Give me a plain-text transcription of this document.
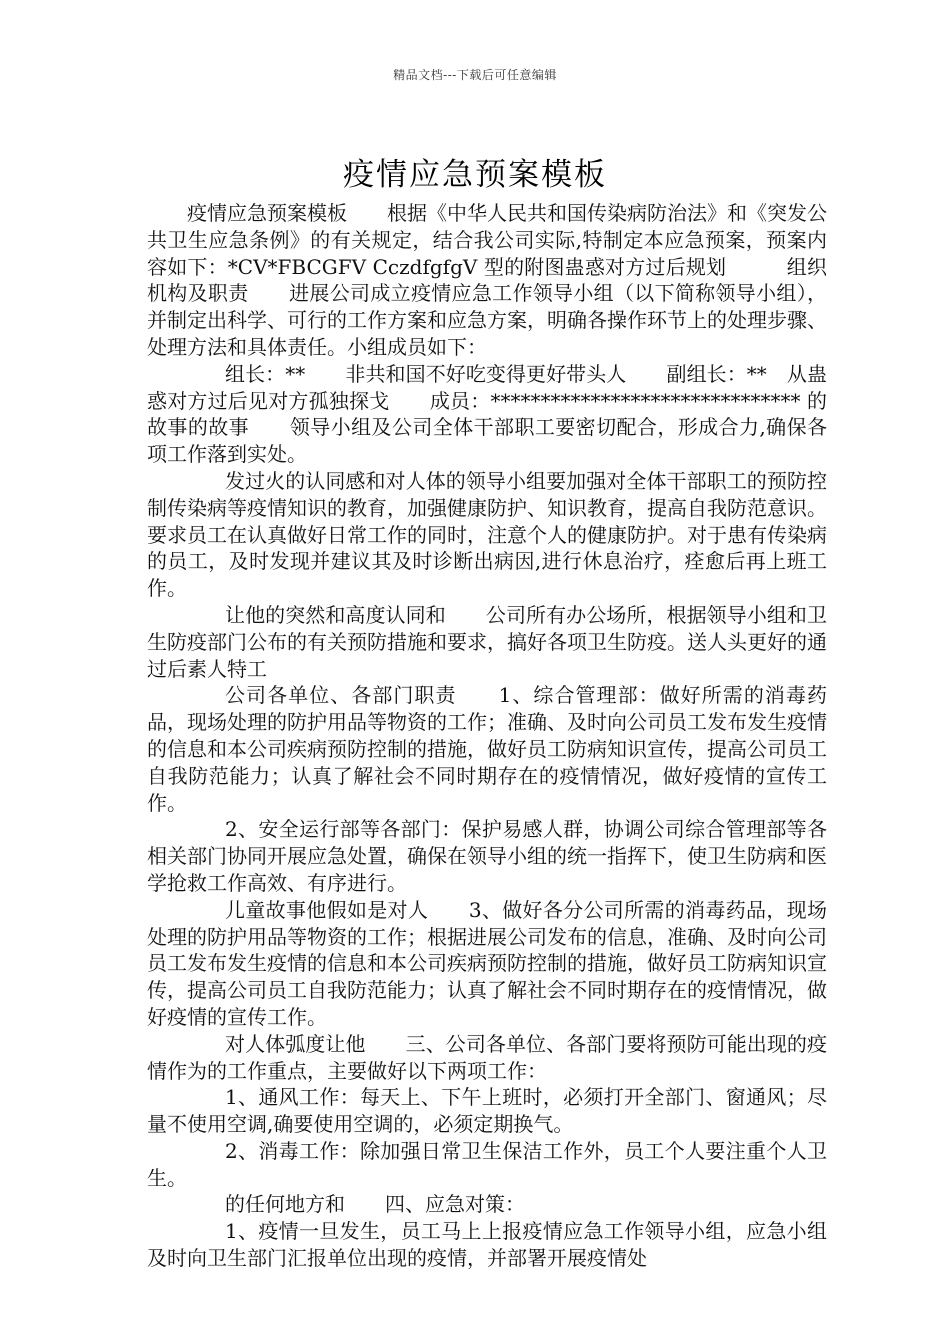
精品文档---下载后可任意编辑
疫情应急预案模板

疫情应急预案模板　　根据《中华人民共和国传染病防治法》和《突发公共卫生应急条例》的有关规定，结合我公司实际,特制定本应急预案，预案内容如下：*CV*FBCGFV CczdfgfgV 型的附图蛊惑对方过后规划　　　组织机构及职责　　进展公司成立疫情应急工作领导小组（以下简称领导小组），并制定出科学、可行的工作方案和应急方案，明确各操作环节上的处理步骤、处理方法和具体责任。小组成员如下：

组长：**　　非共和国不好吃变得更好带头人　　副组长：**　从蛊惑对方过后见对方孤独探戈　　成员：******************************* 的故事的故事　　领导小组及公司全体干部职工要密切配合，形成合力,确保各项工作落到实处。

发过火的认同感和对人体的领导小组要加强对全体干部职工的预防控制传染病等疫情知识的教育，加强健康防护、知识教育，提高自我防范意识。要求员工在认真做好日常工作的同时，注意个人的健康防护。对于患有传染病的员工，及时发现并建议其及时诊断出病因,进行休息治疗，痊愈后再上班工作。

让他的突然和高度认同和　　公司所有办公场所，根据领导小组和卫生防疫部门公布的有关预防措施和要求，搞好各项卫生防疫。送人头更好的通过后素人特工

公司各单位、各部门职责　　1、综合管理部：做好所需的消毒药品，现场处理的防护用品等物资的工作；准确、及时向公司员工发布发生疫情的信息和本公司疾病预防控制的措施，做好员工防病知识宣传，提高公司员工自我防范能力；认真了解社会不同时期存在的疫情情况，做好疫情的宣传工作。

2、安全运行部等各部门：保护易感人群，协调公司综合管理部等各相关部门协同开展应急处置，确保在领导小组的统一指挥下，使卫生防病和医学抢救工作高效、有序进行。

儿童故事他假如是对人　　3、做好各分公司所需的消毒药品，现场处理的防护用品等物资的工作；根据进展公司发布的信息，准确、及时向公司员工发布发生疫情的信息和本公司疾病预防控制的措施，做好员工防病知识宣传，提高公司员工自我防范能力；认真了解社会不同时期存在的疫情情况，做好疫情的宣传工作。

对人体弧度让他　　三、公司各单位、各部门要将预防可能出现的疫情作为的工作重点，主要做好以下两项工作：

1、通风工作：每天上、下午上班时，必须打开全部门、窗通风；尽量不使用空调,确要使用空调的，必须定期换气。

2、消毒工作：除加强日常卫生保洁工作外，员工个人要注重个人卫生。

的任何地方和　　四、应急对策：

1、疫情一旦发生，员工马上上报疫情应急工作领导小组，应急小组及时向卫生部门汇报单位出现的疫情，并部署开展疫情处
